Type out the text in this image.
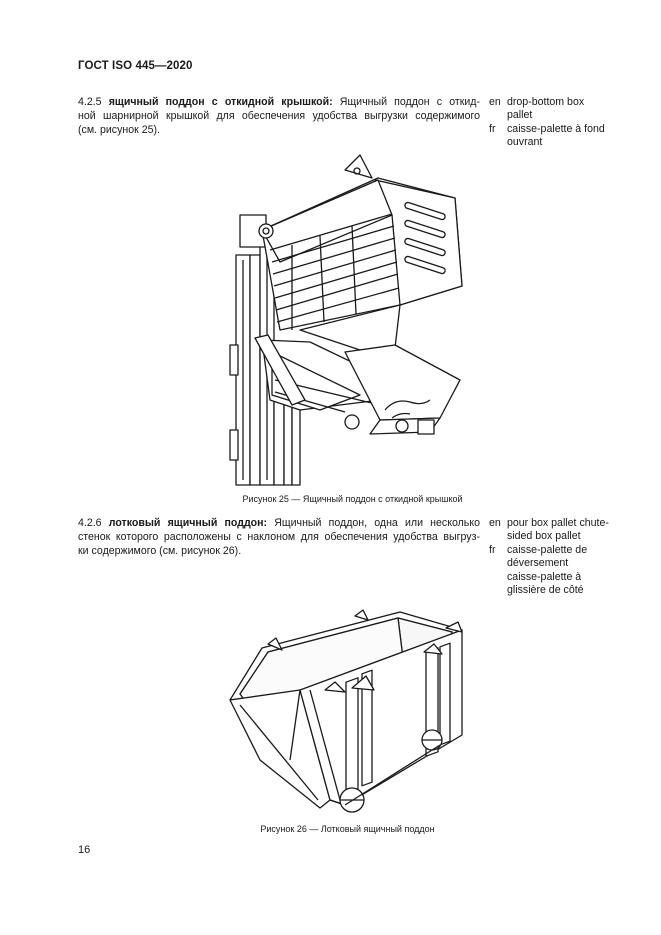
ГОСТ ISO 445—2020
4.2.5 ящичный поддон с откидной крышкой: Ящичный поддон с откид-
ной шарнирной крышкой для обеспечения удобства выгрузки содержимого
(см. рисунок 25).
en drop-bottom box
pallet
fr	caisse-palette à fond
ouvrant
Рисунок 25 — Ящичный поддон с откидной крышкой
4.2.6 лотковый ящичный поддон: Ящичный поддон, одна или несколько
стенок которого расположены с наклоном для обеспечения удобства выгруз-
ки содержимого (см. рисунок 26).
en pour box pallet chute-
sided box pallet
fr	caisse-palette de
déversement
caisse-palette à
glissière de côté
Рисунок 26 — Лотковый ящичный поддон
16
